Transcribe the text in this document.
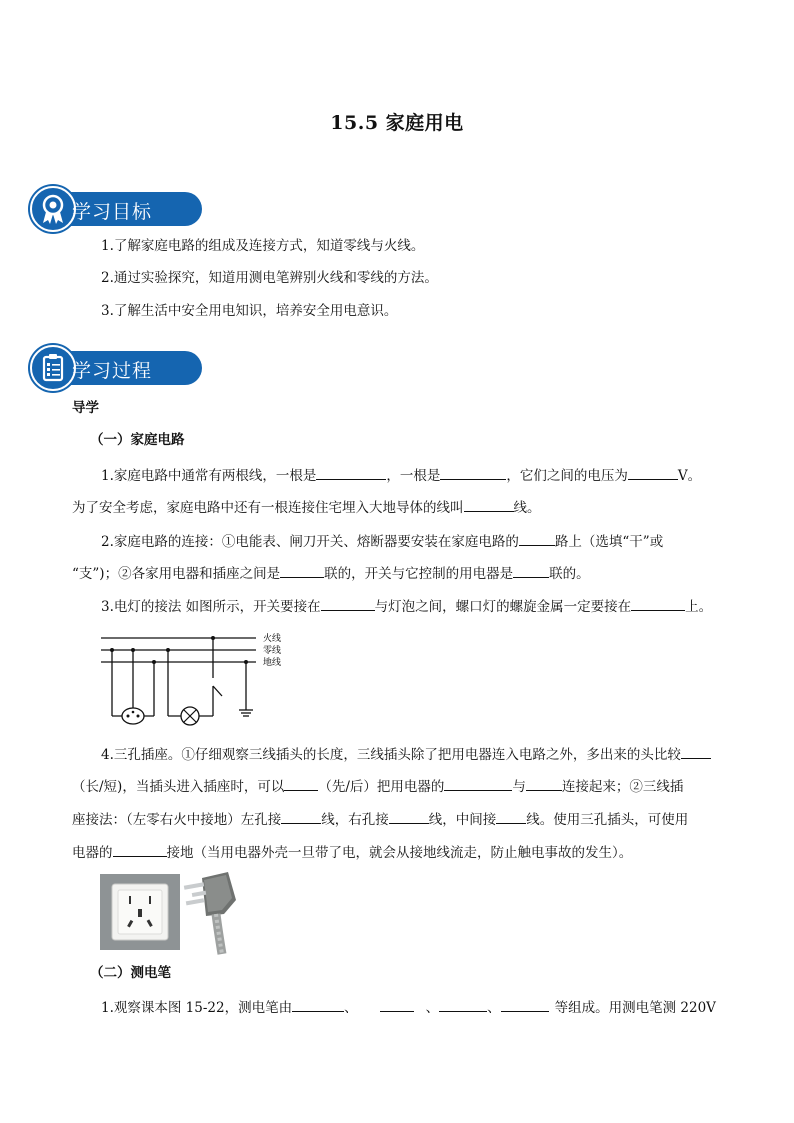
15.5 家庭用电
学习目标
1.了解家庭电路的组成及连接方式，知道零线与火线。
2.通过实验探究，知道用测电笔辨别火线和零线的方法。
3.了解生活中安全用电知识，培养安全用电意识。
学习过程
导学
（一）家庭电路
1.家庭电路中通常有两根线，一根是	，一根是	，它们之间的电压为	V。
为了安全考虑，家庭电路中还有一根连接住宅埋入大地导体的线叫	线。
2.家庭电路的连接：①电能表、闸刀开关、熔断器要安装在家庭电路的	路上（选填“干”或
“支”)；②各家用电器和插座之间是	联的，开关与它控制的用电器是	联的。
3.电灯的接法 如图所示，开关要接在	与灯泡之间，螺口灯的螺旋金属一定要接在	上。
火线
零线
地线
4.三孔插座。①仔细观察三线插头的长度，三线插头除了把用电器连入电路之外，多出来的头比较
（长/短)，当插头进入插座时，可以	（先/后）把用电器的	与	连接起来；②三线插
座接法：（左零右火中接地）左孔接	线，右孔接	线，中间接 线。使用三孔插头，可使用
电器的	接地（当用电器外壳一旦带了电，就会从接地线流走，防止触电事故的发生）。
（二）测电笔
1.观察课本图 15-22，测电笔由	、	、	、	等组成。用测电笔测 220V
